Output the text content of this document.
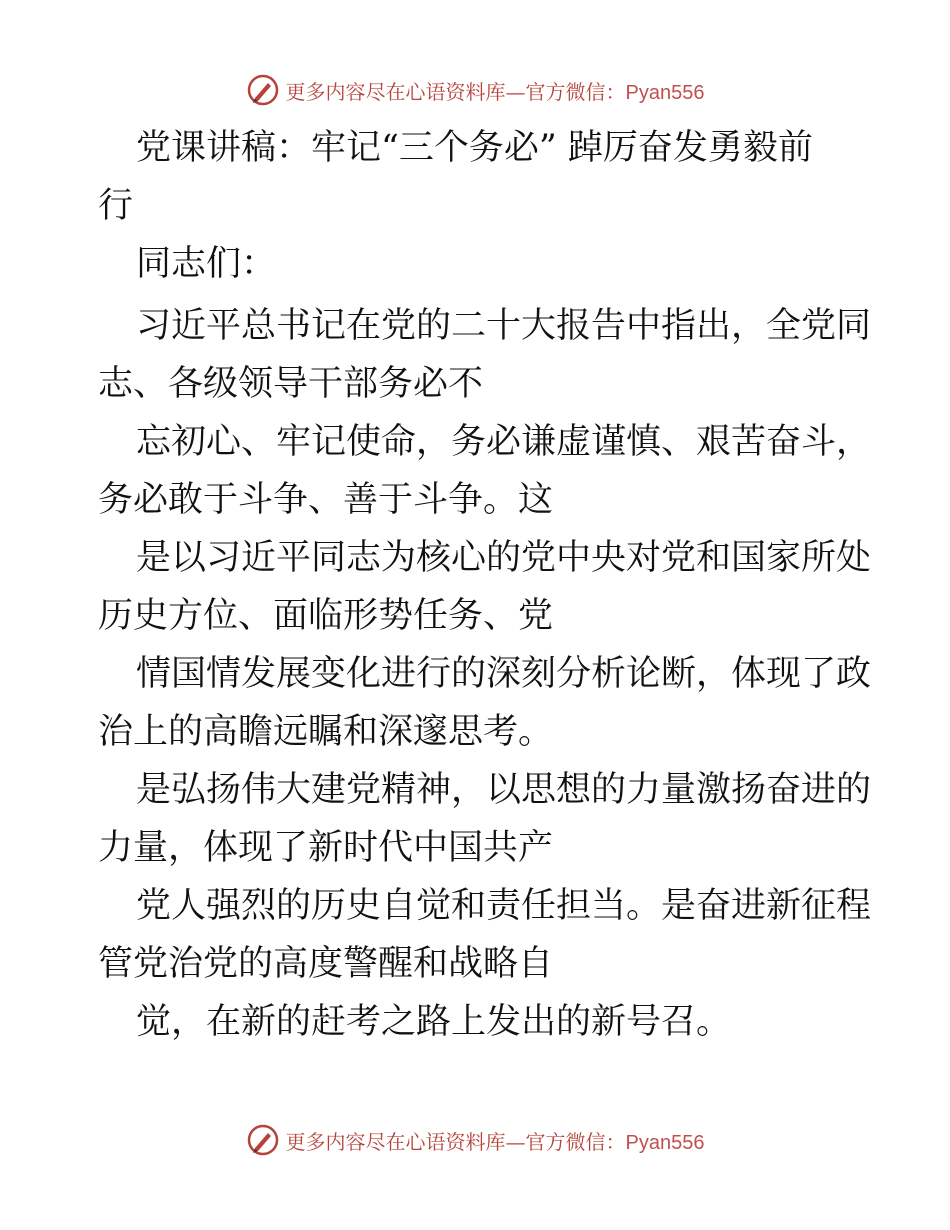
更多内容尽在心语资料库—官方微信：Pyan556
党课讲稿：牢记“三个务必” 踔厉奋发勇毅前
行
同志们：
习近平总书记在党的二十大报告中指出，全党同
志、各级领导干部务必不
忘初心、牢记使命，务必谦虚谨慎、艰苦奋斗，
务必敢于斗争、善于斗争。这
是以习近平同志为核心的党中央对党和国家所处
历史方位、面临形势任务、党
情国情发展变化进行的深刻分析论断，体现了政
治上的高瞻远瞩和深邃思考。
是弘扬伟大建党精神，以思想的力量激扬奋进的
力量，体现了新时代中国共产
党人强烈的历史自觉和责任担当。是奋进新征程
管党治党的高度警醒和战略自
觉，在新的赶考之路上发出的新号召。
更多内容尽在心语资料库—官方微信：Pyan556
